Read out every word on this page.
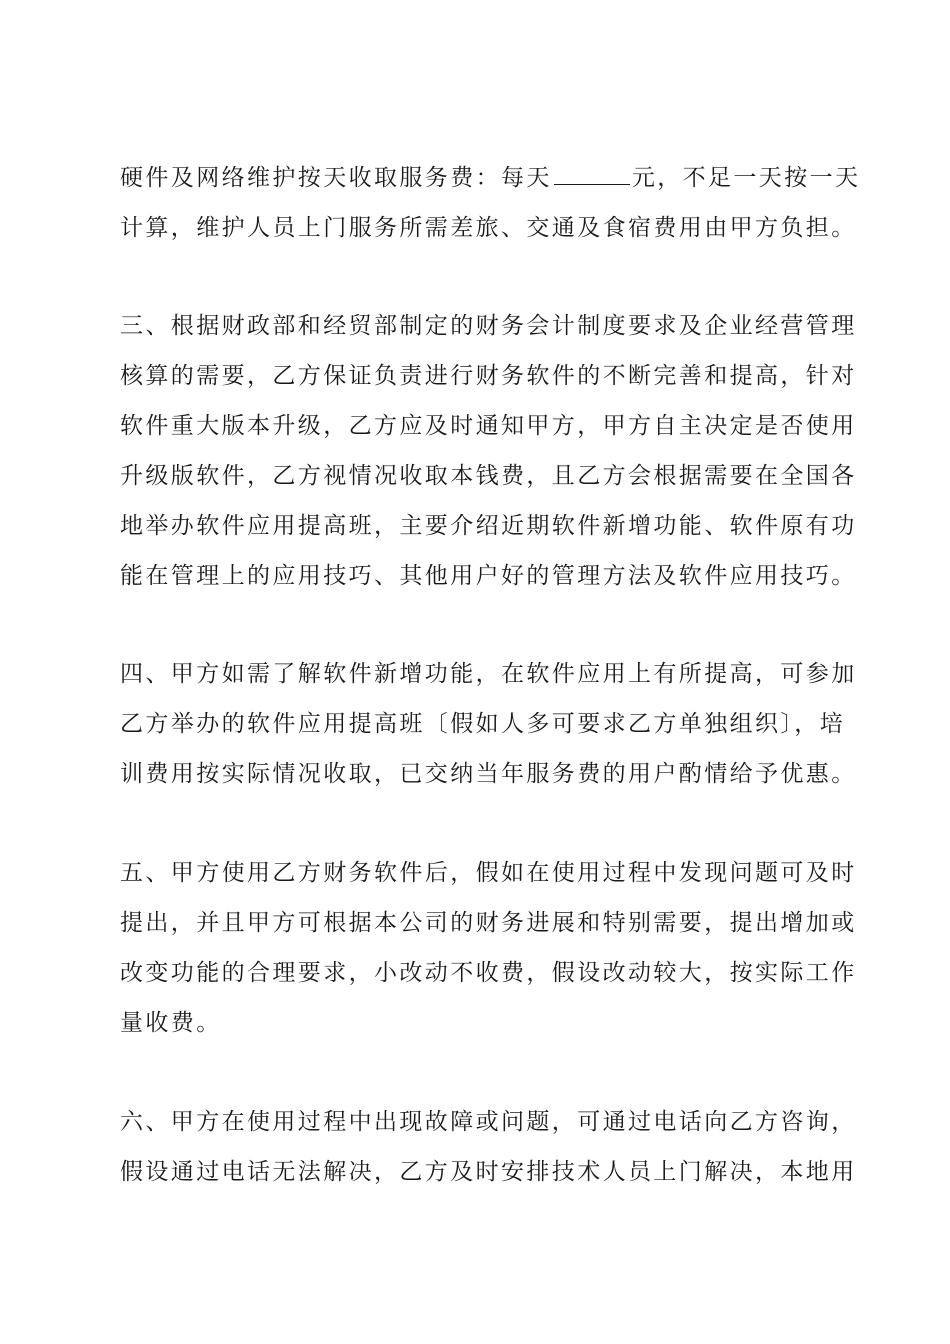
硬件及网络维护按天收取服务费：每天	元，不足一天按一天
计算，维护人员上门服务所需差旅、交通及食宿费用由甲方负担。
三、根据财政部和经贸部制定的财务会计制度要求及企业经营管理
核算的需要，乙方保证负责进行财务软件的不断完善和提高，针对
软件重大版本升级，乙方应及时通知甲方，甲方自主决定是否使用
升级版软件，乙方视情况收取本钱费，且乙方会根据需要在全国各
地举办软件应用提高班，主要介绍近期软件新增功能、软件原有功
能在管理上的应用技巧、其他用户好的管理方法及软件应用技巧。
四、甲方如需了解软件新增功能，在软件应用上有所提高，可参加
乙方举办的软件应用提高班〔假如人多可要求乙方单独组织〕，培
训费用按实际情况收取，已交纳当年服务费的用户酌情给予优惠。
五、甲方使用乙方财务软件后，假如在使用过程中发现问题可及时
提出，并且甲方可根据本公司的财务进展和特别需要，提出增加或
改变功能的合理要求，小改动不收费，假设改动较大，按实际工作
量收费。
六、甲方在使用过程中出现故障或问题，可通过电话向乙方咨询，
假设通过电话无法解决，乙方及时安排技术人员上门解决，本地用
